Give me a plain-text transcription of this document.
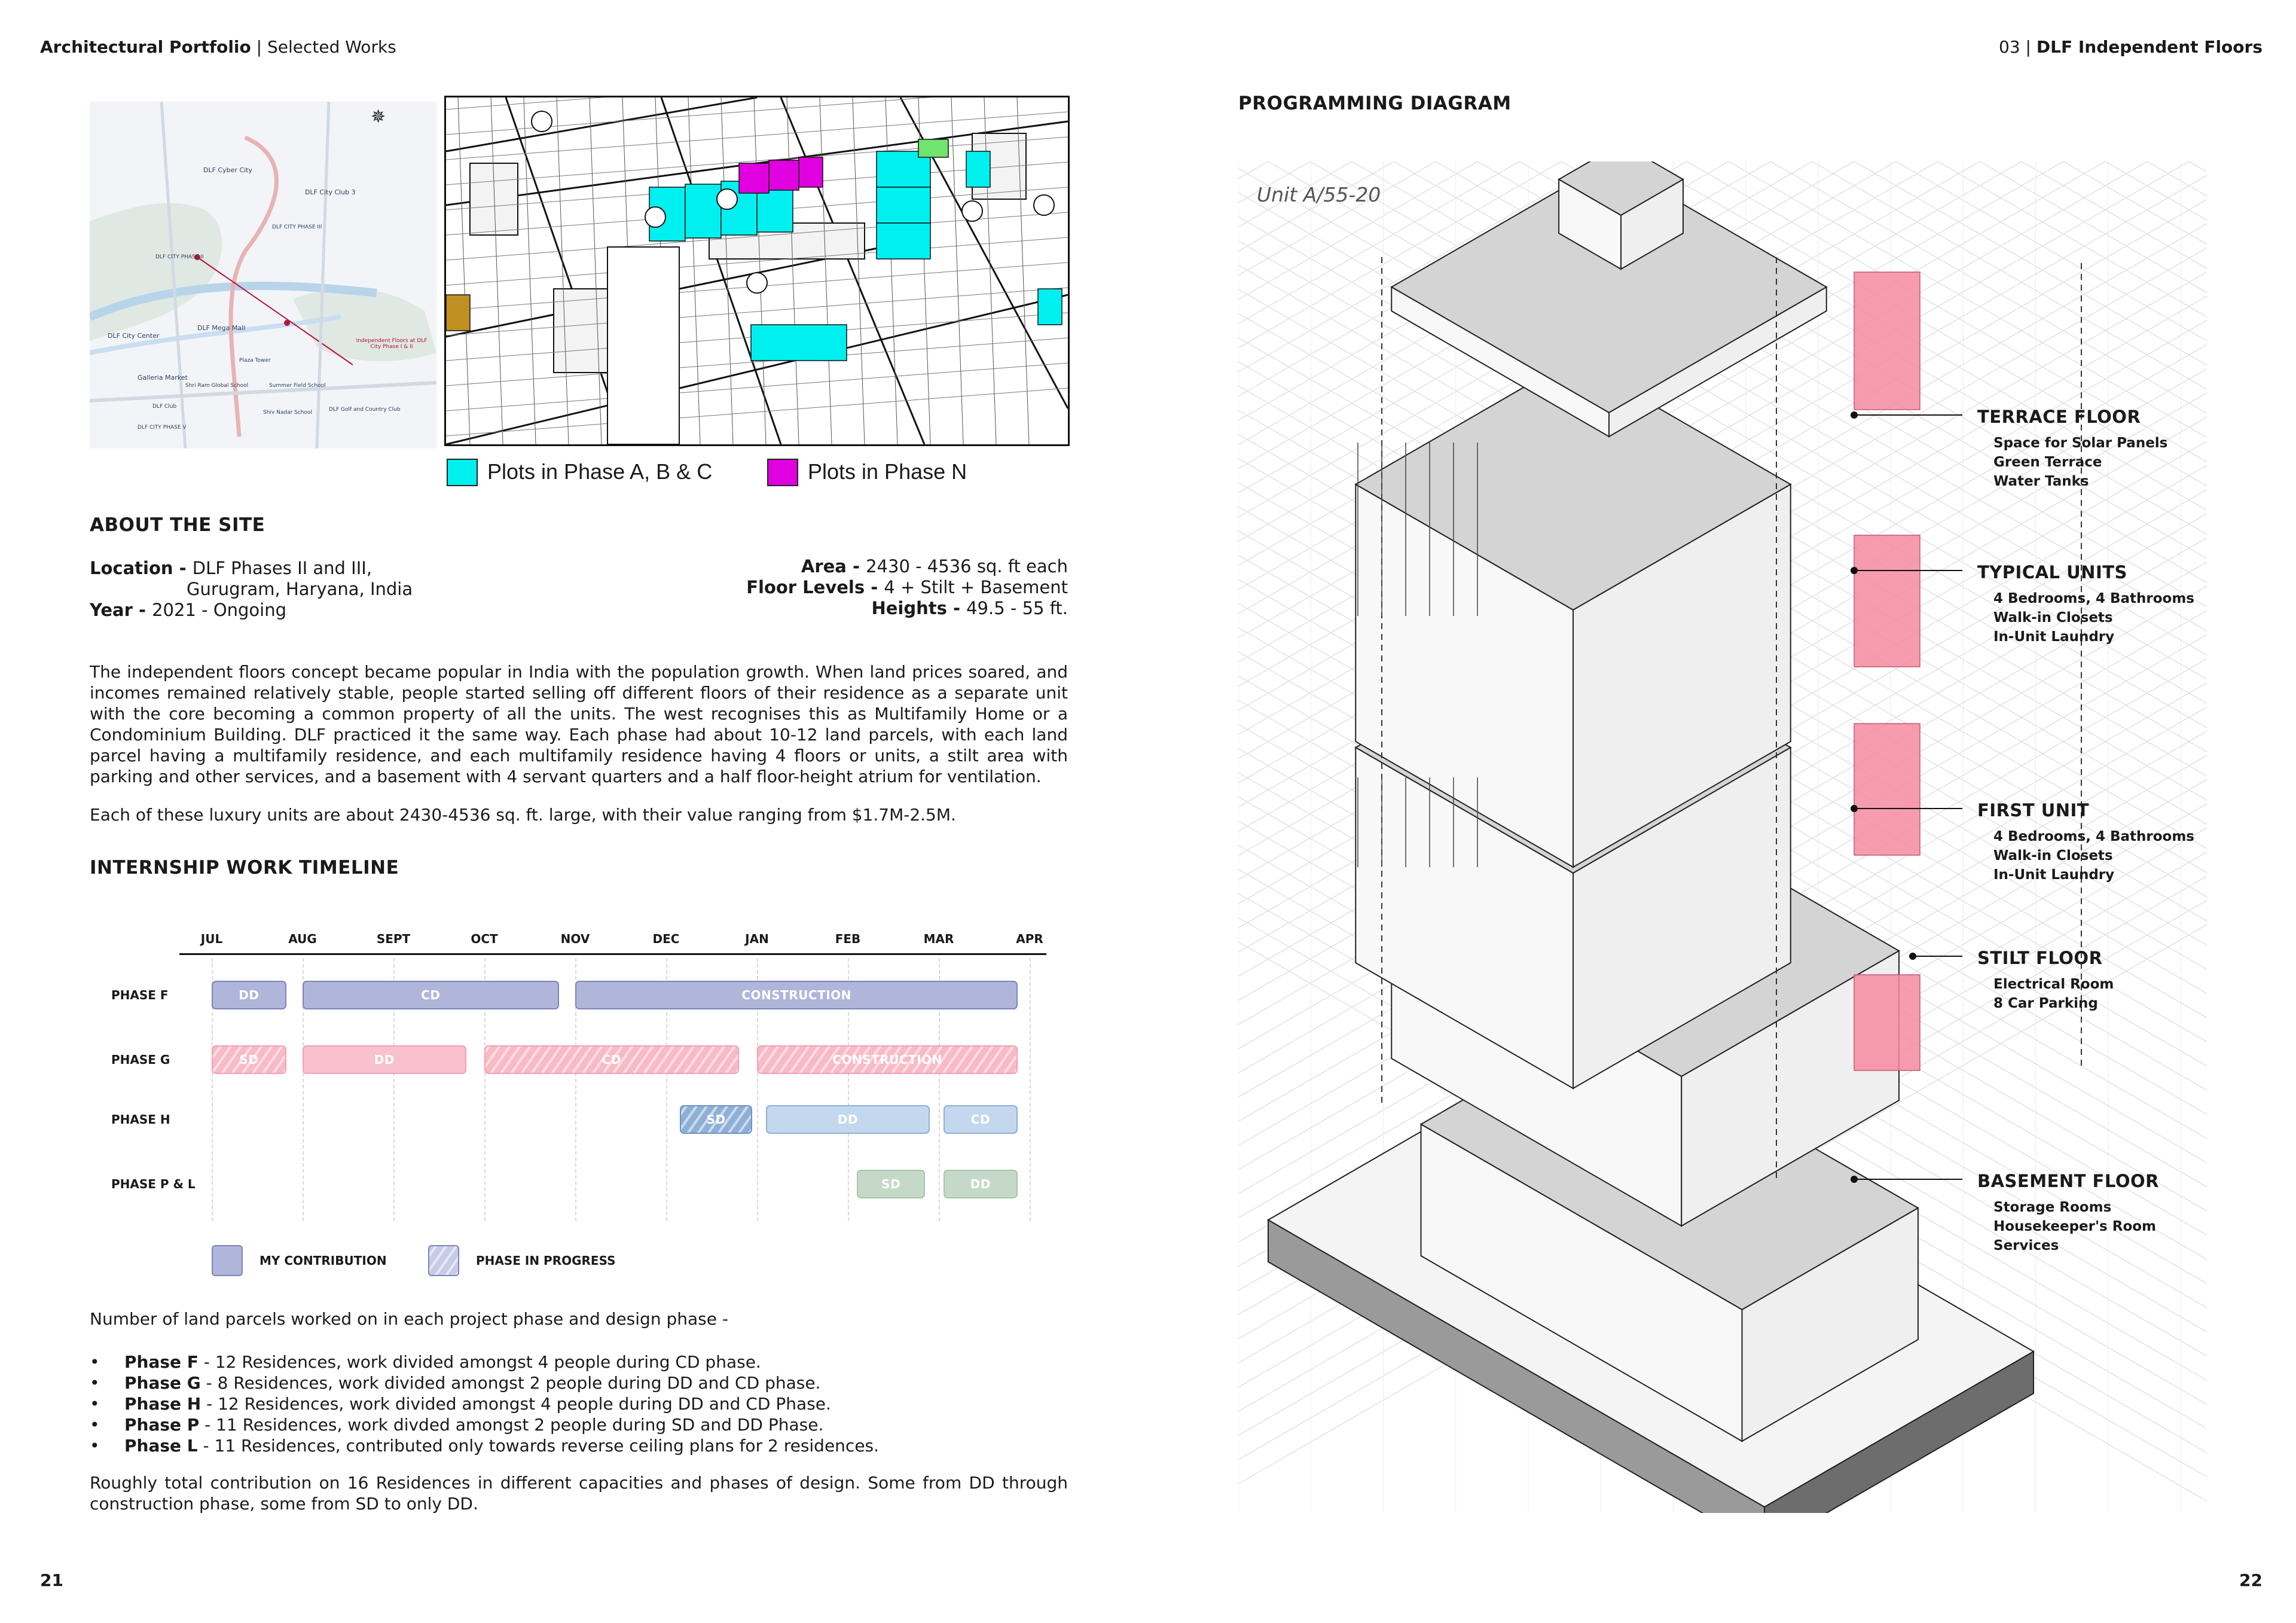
Architectural Portfolio | Selected Works	03 | DLF Independent Floors
DLF Cyber City
DLF City Club 3
DLF CITY PHASE III
DLF CITY PHASE II
DLF Mega Mall
DLF City Center
Galleria Market
Shri Ram Global School
Plaza Tower
Summer Field School
Shiv Nadar School	DLF Golf and Country Club
DLF Club
DLF CITY PHASE V
Independent Floors at DLF City Phase I & II
✵
Plots in Phase A, B & C	Plots in Phase N
ABOUT THE SITE
Location - DLF Phases II and III,
Gurugram, Haryana, India
Year - 2021 - Ongoing
Area - 2430 - 4536 sq. ft each
Floor Levels - 4 + Stilt + Basement
Heights - 49.5 - 55 ft.
The independent floors concept became popular in India with the population growth. When land prices soared, and incomes remained relatively stable, people started selling off different floors of their residence as a separate unit with the core becoming a common property of all the units. The west recognises this as Multifamily Home or a Condominium Building. DLF practiced it the same way. Each phase had about 10-12 land parcels, with each land parcel having a multifamily residence, and each multifamily residence having 4 floors or units, a stilt area with parking and other services, and a basement with 4 servant quarters and a half floor-height atrium for ventilation.
Each of these luxury units are about 2430-4536 sq. ft. large, with their value ranging from $1.7M-2.5M.
INTERNSHIP WORK TIMELINE
JUL	AUG	SEPT	OCT	NOV	DEC	JAN	FEB	MAR	APR
PHASE F	DD	CD	CONSTRUCTION
PHASE G	SD	DD	CD	CONSTRUCTION
PHASE H	SD	DD	CD
PHASE P & L	SD	DD
MY CONTRIBUTION	PHASE IN PROGRESS
Number of land parcels worked on in each project phase and design phase -
• Phase F - 12 Residences, work divided amongst 4 people during CD phase.
• Phase G - 8 Residences, work divided amongst 2 people during DD and CD phase.
• Phase H - 12 Residences, work divided amongst 4 people during DD and CD Phase.
• Phase P - 11 Residences, work divded amongst 2 people during SD and DD Phase.
• Phase L - 11 Residences, contributed only towards reverse ceiling plans for 2 residences.
Roughly total contribution on 16 Residences in different capacities and phases of design. Some from DD through construction phase, some from SD to only DD.
21	22
PROGRAMMING DIAGRAM
Unit A/55-20
TERRACE FLOOR
Space for Solar Panels
Green Terrace
Water Tanks
TYPICAL UNITS
4 Bedrooms, 4 Bathrooms
Walk-in Closets
In-Unit Laundry
FIRST UNIT
4 Bedrooms, 4 Bathrooms
Walk-in Closets
In-Unit Laundry
STILT FLOOR
Electrical Room
8 Car Parking
BASEMENT FLOOR
Storage Rooms
Housekeeper's Room
Services
